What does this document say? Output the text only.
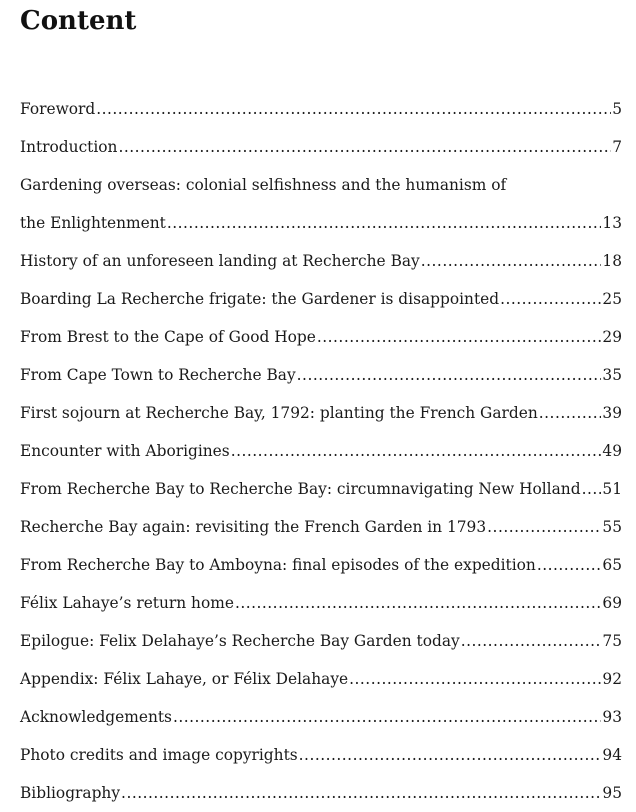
Content
Foreword .....	5
Introduction .....	7
Gardening overseas: colonial selfishness and the humanism of
the Enlightenment .....	13
History of an unforeseen landing at Recherche Bay .....	18
Boarding La Recherche frigate: the Gardener is disappointed .....	25
From Brest to the Cape of Good Hope .....	29
From Cape Town to Recherche Bay .....	35
First sojourn at Recherche Bay, 1792: planting the French Garden .....	39
Encounter with Aborigines .....	49
From Recherche Bay to Recherche Bay: circumnavigating New Holland ..... 51
Recherche Bay again: revisiting the French Garden in 1793 .....	55
From Recherche Bay to Amboyna: final episodes of the expedition .....	65
Félix Lahaye’s return home .....	69
Epilogue: Felix Delahaye’s Recherche Bay Garden today .....	75
Appendix: Félix Lahaye, or Félix Delahaye .....	92
Acknowledgements .....	93
Photo credits and image copyrights .....	94
Bibliography .....	95
